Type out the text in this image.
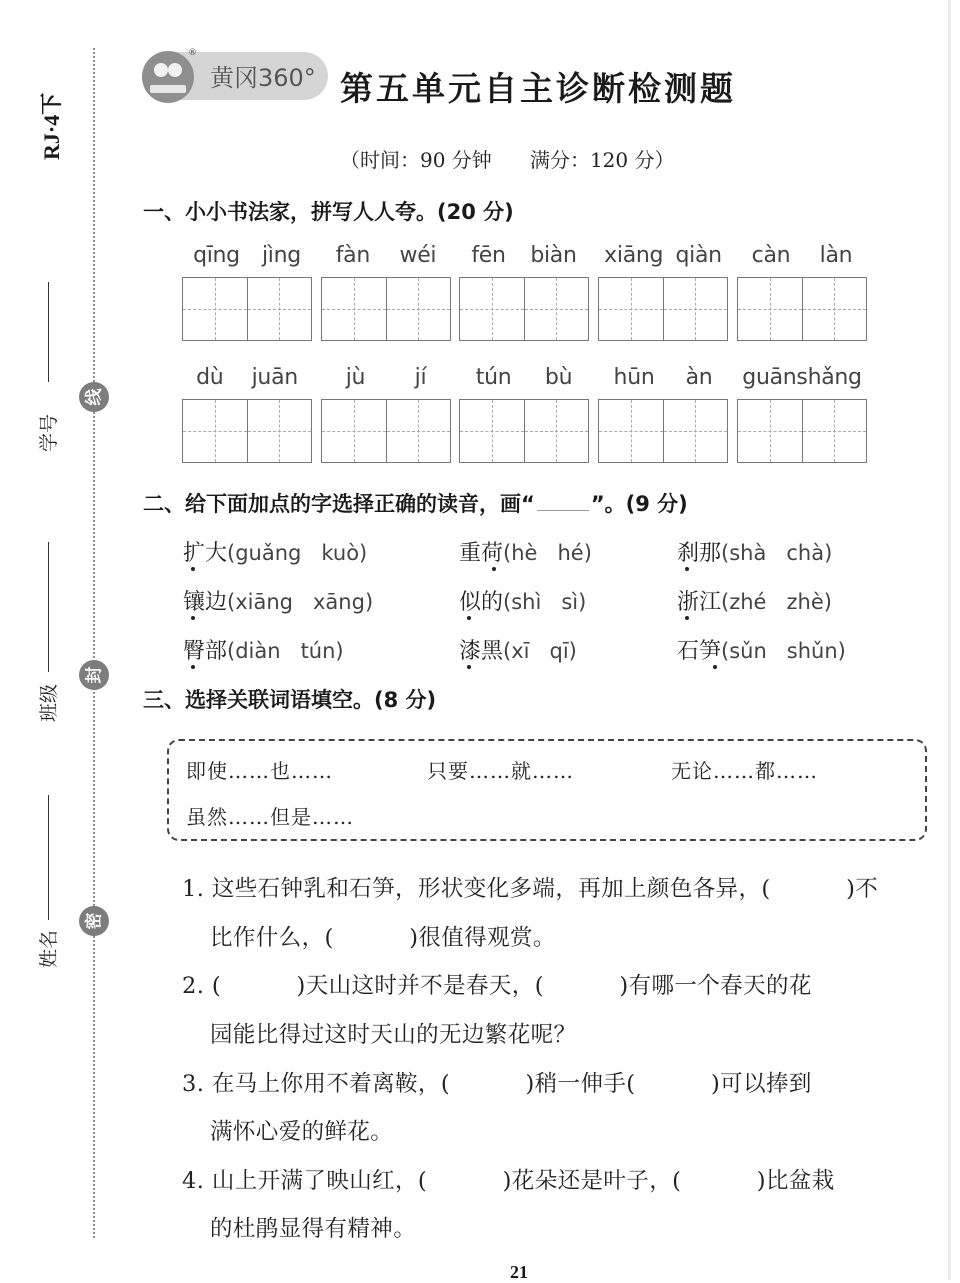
RJ·4下
学号
线
班级
封
姓名
密
®
黄冈360° 第五单元自主诊断检测题
（时间：90 分钟      满分：120 分）
一、小小书法家，拼写人人夸。(20 分)
qīng jìng fàn wéi fēn biàn xiāng qiàn càn làn
dù juān jù jí tún bù hūn àn guān shǎng
二、给下面加点的字选择正确的读音，画“	”。(9 分)
扩大(guǎng   kuò)	重荷(hè   hé)	刹那(shà   chà)
镶边(xiāng   xāng)	似的(shì   sì)	浙江(zhé   zhè)
臀部(diàn   tún)	漆黑(xī   qī)	石笋(sǔn   shǔn)
三、选择关联词语填空。(8 分)
即使……也……	只要……就……	无论……都……
虽然……但是……
1. 这些石钟乳和石笋，形状变化多端，再加上颜色各异，(          )不
比作什么，(          )很值得观赏。
2. (          )天山这时并不是春天，(          )有哪一个春天的花
园能比得过这时天山的无边繁花呢？
3. 在马上你用不着离鞍，(          )稍一伸手(          )可以捧到
满怀心爱的鲜花。
4. 山上开满了映山红，(          )花朵还是叶子，(          )比盆栽
的杜鹃显得有精神。
21
